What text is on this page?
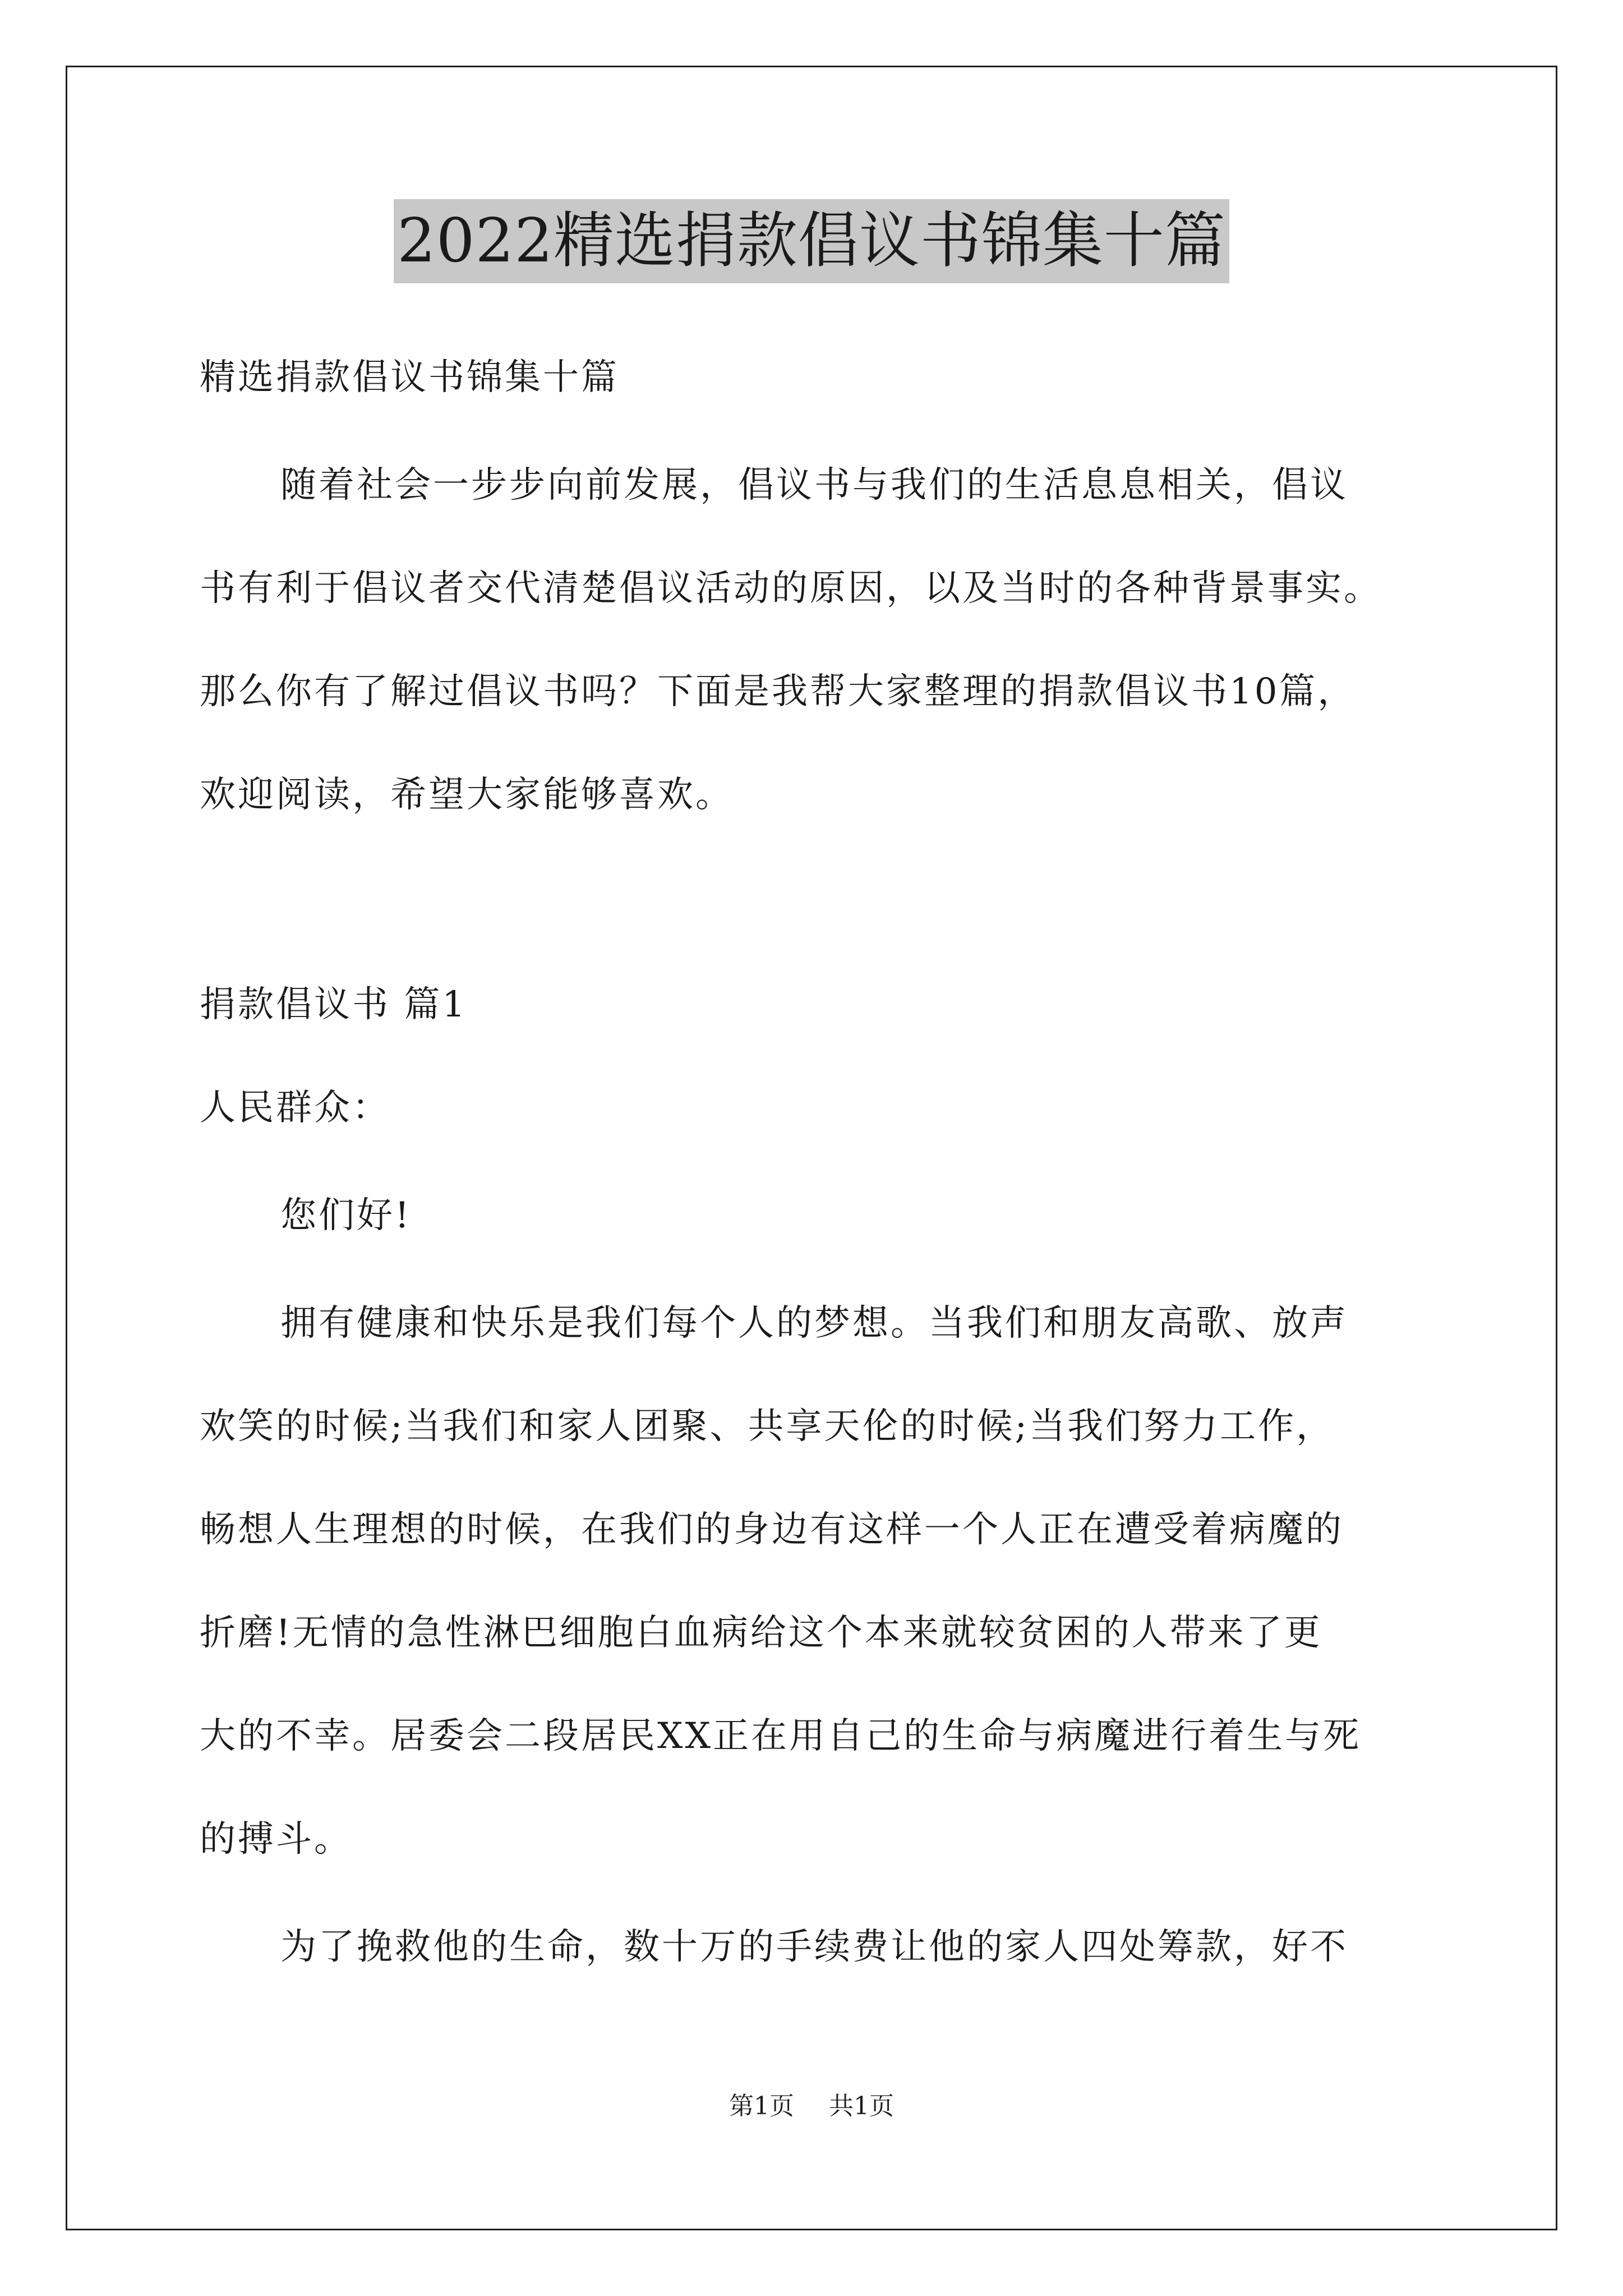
2022精选捐款倡议书锦集十篇
精选捐款倡议书锦集十篇
随着社会一步步向前发展，倡议书与我们的生活息息相关，倡议
书有利于倡议者交代清楚倡议活动的原因，以及当时的各种背景事实。
那么你有了解过倡议书吗？下面是我帮大家整理的捐款倡议书10篇，
欢迎阅读，希望大家能够喜欢。
捐款倡议书 篇1
人民群众：
您们好!
拥有健康和快乐是我们每个人的梦想。当我们和朋友高歌、放声
欢笑的时候;当我们和家人团聚、共享天伦的时候;当我们努力工作，
畅想人生理想的时候，在我们的身边有这样一个人正在遭受着病魔的
折磨!无情的急性淋巴细胞白血病给这个本来就较贫困的人带来了更
大的不幸。居委会二段居民XX正在用自己的生命与病魔进行着生与死
的搏斗。
为了挽救他的生命，数十万的手续费让他的家人四处筹款，好不
第1页 共1页
